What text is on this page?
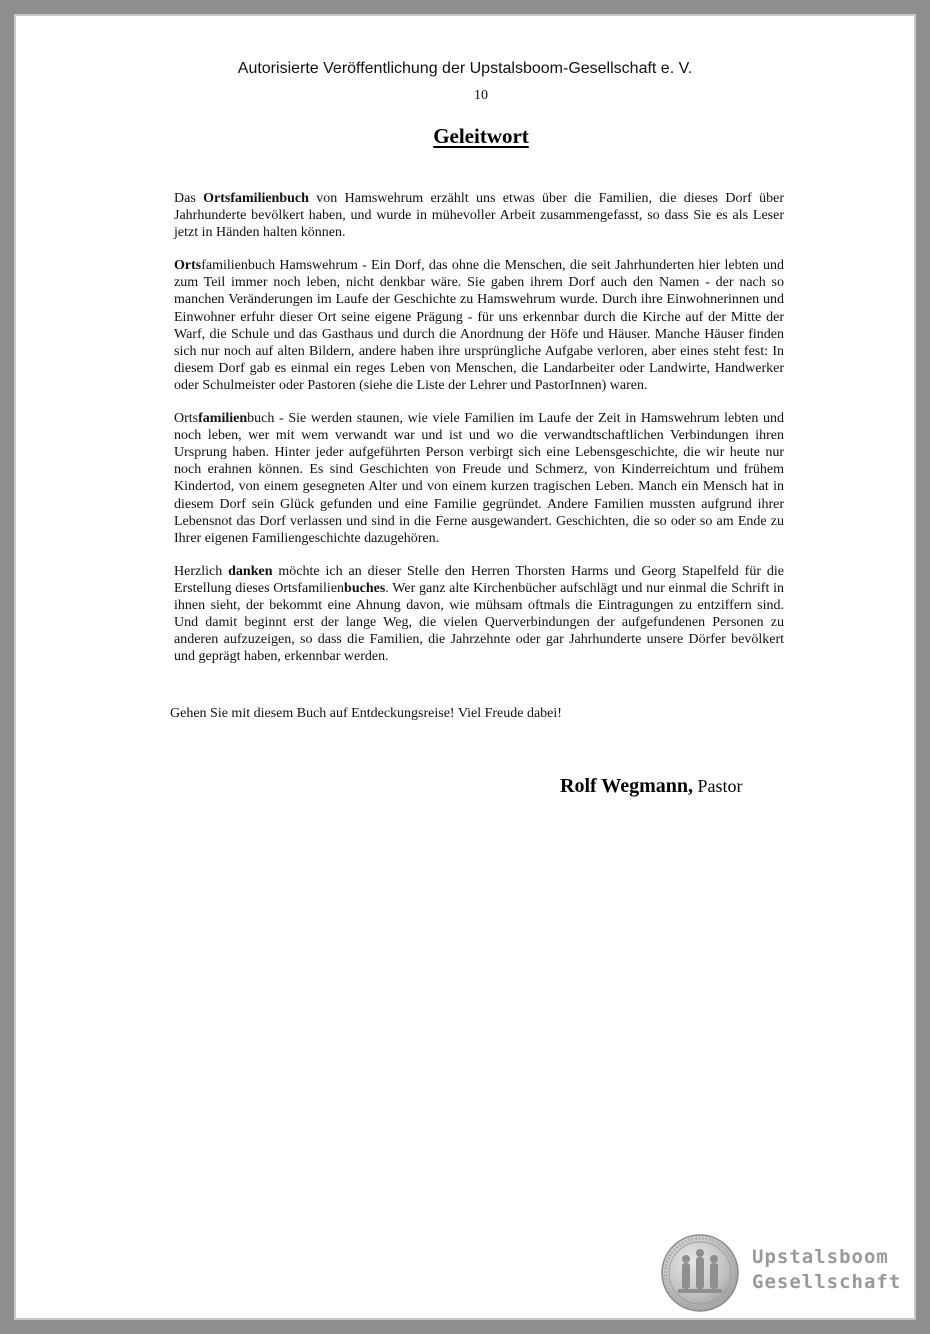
Autorisierte Veröffentlichung der Upstalsboom-Gesellschaft e. V.
10
Geleitwort

Das Ortsfamilienbuch von Hamswehrum erzählt uns etwas über die Familien, die dieses Dorf über Jahrhunderte bevölkert haben, und wurde in mühevoller Arbeit zusammengefasst, so dass Sie es als Leser jetzt in Händen halten können.

Ortsfamilienbuch Hamswehrum - Ein Dorf, das ohne die Menschen, die seit Jahrhunderten hier lebten und zum Teil immer noch leben, nicht denkbar wäre. Sie gaben ihrem Dorf auch den Namen - der nach so manchen Veränderungen im Laufe der Geschichte zu Hamswehrum wurde. Durch ihre Einwohnerinnen und Einwohner erfuhr dieser Ort seine eigene Prägung - für uns erkennbar durch die Kirche auf der Mitte der Warf, die Schule und das Gasthaus und durch die Anordnung der Höfe und Häuser. Manche Häuser finden sich nur noch auf alten Bildern, andere haben ihre ursprüngliche Aufgabe verloren, aber eines steht fest: In diesem Dorf gab es einmal ein reges Leben von Menschen, die Landarbeiter oder Landwirte, Handwerker oder Schulmeister oder Pastoren (siehe die Liste der Lehrer und PastorInnen) waren.

Ortsfamilienbuch - Sie werden staunen, wie viele Familien im Laufe der Zeit in Hamswehrum lebten und noch leben, wer mit wem verwandt war und ist und wo die verwandtschaftlichen Verbindungen ihren Ursprung haben. Hinter jeder aufgeführten Person verbirgt sich eine Lebensgeschichte, die wir heute nur noch erahnen können. Es sind Geschichten von Freude und Schmerz, von Kinderreichtum und frühem Kindertod, von einem gesegneten Alter und von einem kurzen tragischen Leben. Manch ein Mensch hat in diesem Dorf sein Glück gefunden und eine Familie gegründet. Andere Familien mussten aufgrund ihrer Lebensnot das Dorf verlassen und sind in die Ferne ausgewandert. Geschichten, die so oder so am Ende zu Ihrer eigenen Familiengeschichte dazugehören.

Herzlich danken möchte ich an dieser Stelle den Herren Thorsten Harms und Georg Stapelfeld für die Erstellung dieses Ortsfamilienbuches. Wer ganz alte Kirchenbücher aufschlägt und nur einmal die Schrift in ihnen sieht, der bekommt eine Ahnung davon, wie mühsam oftmals die Eintragungen zu entziffern sind. Und damit beginnt erst der lange Weg, die vielen Querverbindungen der aufgefundenen Personen zu anderen aufzuzeigen, so dass die Familien, die Jahrzehnte oder gar Jahrhunderte unsere Dörfer bevölkert und geprägt haben, erkennbar werden.

Gehen Sie mit diesem Buch auf Entdeckungsreise! Viel Freude dabei!
Rolf Wegmann, Pastor
Upstalsboom
Gesellschaft
